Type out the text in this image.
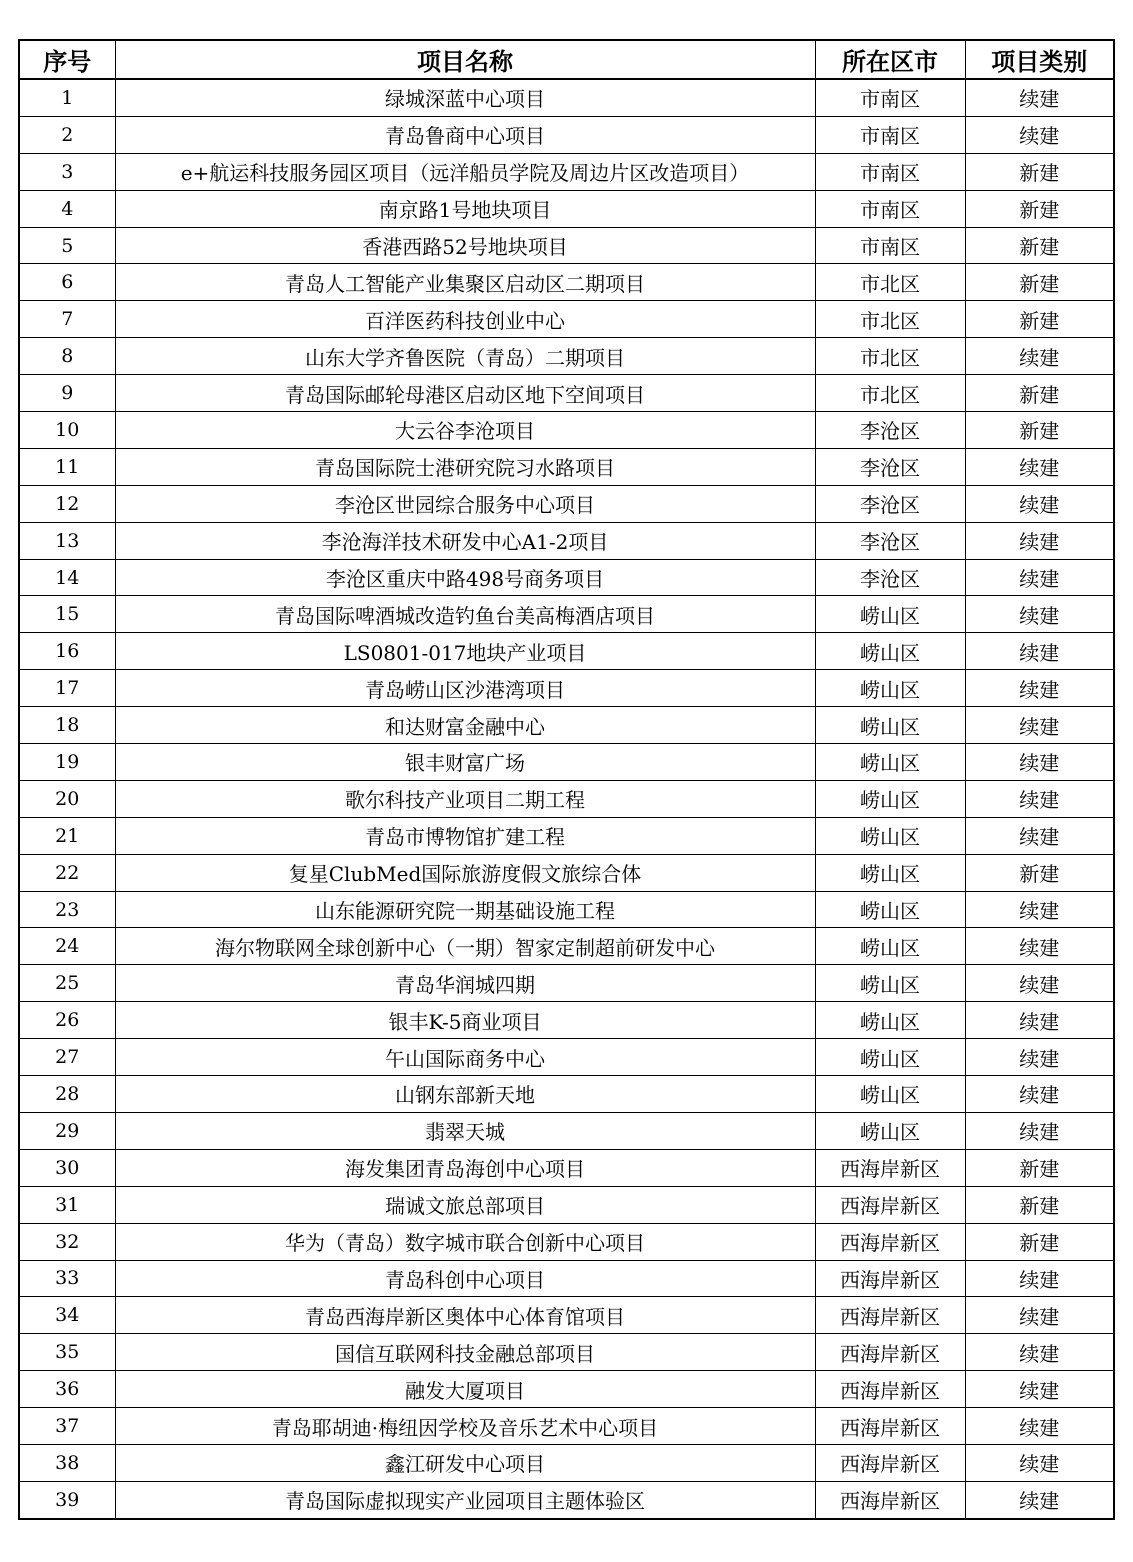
序号	项目名称	所在区市	项目类别
1	绿城深蓝中心项目	市南区	续建
2	青岛鲁商中心项目	市南区	续建
3	e+航运科技服务园区项目（远洋船员学院及周边片区改造项目）	市南区	新建
4	南京路1号地块项目	市南区	新建
5	香港西路52号地块项目	市南区	新建
6	青岛人工智能产业集聚区启动区二期项目	市北区	新建
7	百洋医药科技创业中心	市北区	新建
8	山东大学齐鲁医院（青岛）二期项目	市北区	续建
9	青岛国际邮轮母港区启动区地下空间项目	市北区	新建
10	大云谷李沧项目	李沧区	新建
11	青岛国际院士港研究院习水路项目	李沧区	续建
12	李沧区世园综合服务中心项目	李沧区	续建
13	李沧海洋技术研发中心A1-2项目	李沧区	续建
14	李沧区重庆中路498号商务项目	李沧区	续建
15	青岛国际啤酒城改造钓鱼台美高梅酒店项目	崂山区	续建
16	LS0801-017地块产业项目	崂山区	续建
17	青岛崂山区沙港湾项目	崂山区	续建
18	和达财富金融中心	崂山区	续建
19	银丰财富广场	崂山区	续建
20	歌尔科技产业项目二期工程	崂山区	续建
21	青岛市博物馆扩建工程	崂山区	续建
22	复星ClubMed国际旅游度假文旅综合体	崂山区	新建
23	山东能源研究院一期基础设施工程	崂山区	续建
24	海尔物联网全球创新中心（一期）智家定制超前研发中心	崂山区	续建
25	青岛华润城四期	崂山区	续建
26	银丰K-5商业项目	崂山区	续建
27	午山国际商务中心	崂山区	续建
28	山钢东部新天地	崂山区	续建
29	翡翠天城	崂山区	续建
30	海发集团青岛海创中心项目	西海岸新区	新建
31	瑞诚文旅总部项目	西海岸新区	新建
32	华为（青岛）数字城市联合创新中心项目	西海岸新区	新建
33	青岛科创中心项目	西海岸新区	续建
34	青岛西海岸新区奥体中心体育馆项目	西海岸新区	续建
35	国信互联网科技金融总部项目	西海岸新区	续建
36	融发大厦项目	西海岸新区	续建
37	青岛耶胡迪·梅纽因学校及音乐艺术中心项目	西海岸新区	续建
38	鑫江研发中心项目	西海岸新区	续建
39	青岛国际虚拟现实产业园项目主题体验区	西海岸新区	续建
